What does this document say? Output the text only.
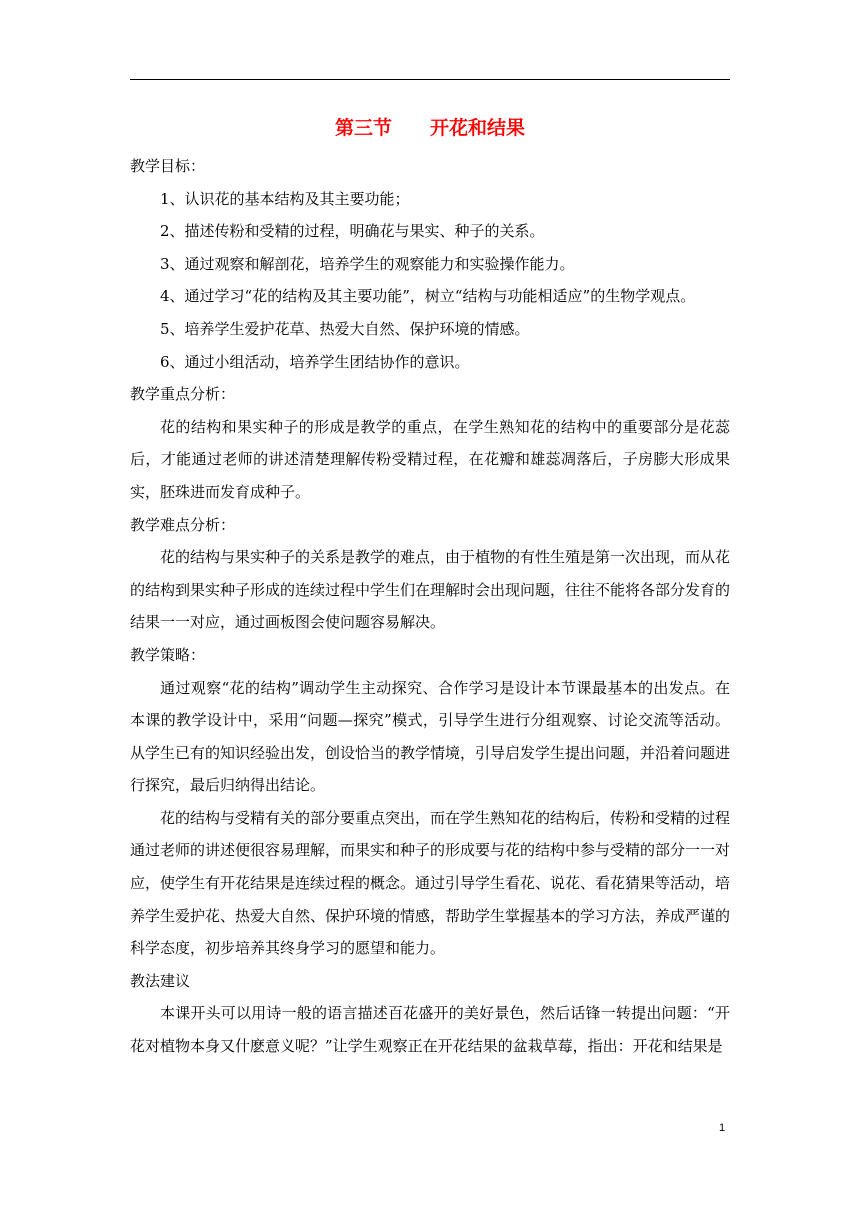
第三节　　开花和结果

教学目标：

1、认识花的基本结构及其主要功能；

2、描述传粉和受精的过程，明确花与果实、种子的关系。

3、通过观察和解剖花，培养学生的观察能力和实验操作能力。

4、通过学习“花的结构及其主要功能”，树立“结构与功能相适应”的生物学观点。

5、培养学生爱护花草、热爱大自然、保护环境的情感。

6、通过小组活动，培养学生团结协作的意识。

教学重点分析：

花的结构和果实种子的形成是教学的重点，在学生熟知花的结构中的重要部分是花蕊后，才能通过老师的讲述清楚理解传粉受精过程，在花瓣和雄蕊凋落后，子房膨大形成果实，胚珠进而发育成种子。

教学难点分析：

花的结构与果实种子的关系是教学的难点，由于植物的有性生殖是第一次出现，而从花的结构到果实种子形成的连续过程中学生们在理解时会出现问题，往往不能将各部分发育的结果一一对应，通过画板图会使问题容易解决。

教学策略：

通过观察“花的结构”调动学生主动探究、合作学习是设计本节课最基本的出发点。在本课的教学设计中，采用“问题—探究”模式，引导学生进行分组观察、讨论交流等活动。从学生已有的知识经验出发，创设恰当的教学情境，引导启发学生提出问题，并沿着问题进行探究，最后归纳得出结论。

花的结构与受精有关的部分要重点突出，而在学生熟知花的结构后，传粉和受精的过程通过老师的讲述便很容易理解，而果实和种子的形成要与花的结构中参与受精的部分一一对应，使学生有开花结果是连续过程的概念。通过引导学生看花、说花、看花猜果等活动，培养学生爱护花、热爱大自然、保护环境的情感，帮助学生掌握基本的学习方法，养成严谨的科学态度，初步培养其终身学习的愿望和能力。

教法建议

本课开头可以用诗一般的语言描述百花盛开的美好景色，然后话锋一转提出问题：“开花对植物本身又什麽意义呢？”让学生观察正在开花结果的盆栽草莓，指出：开花和结果是

1
